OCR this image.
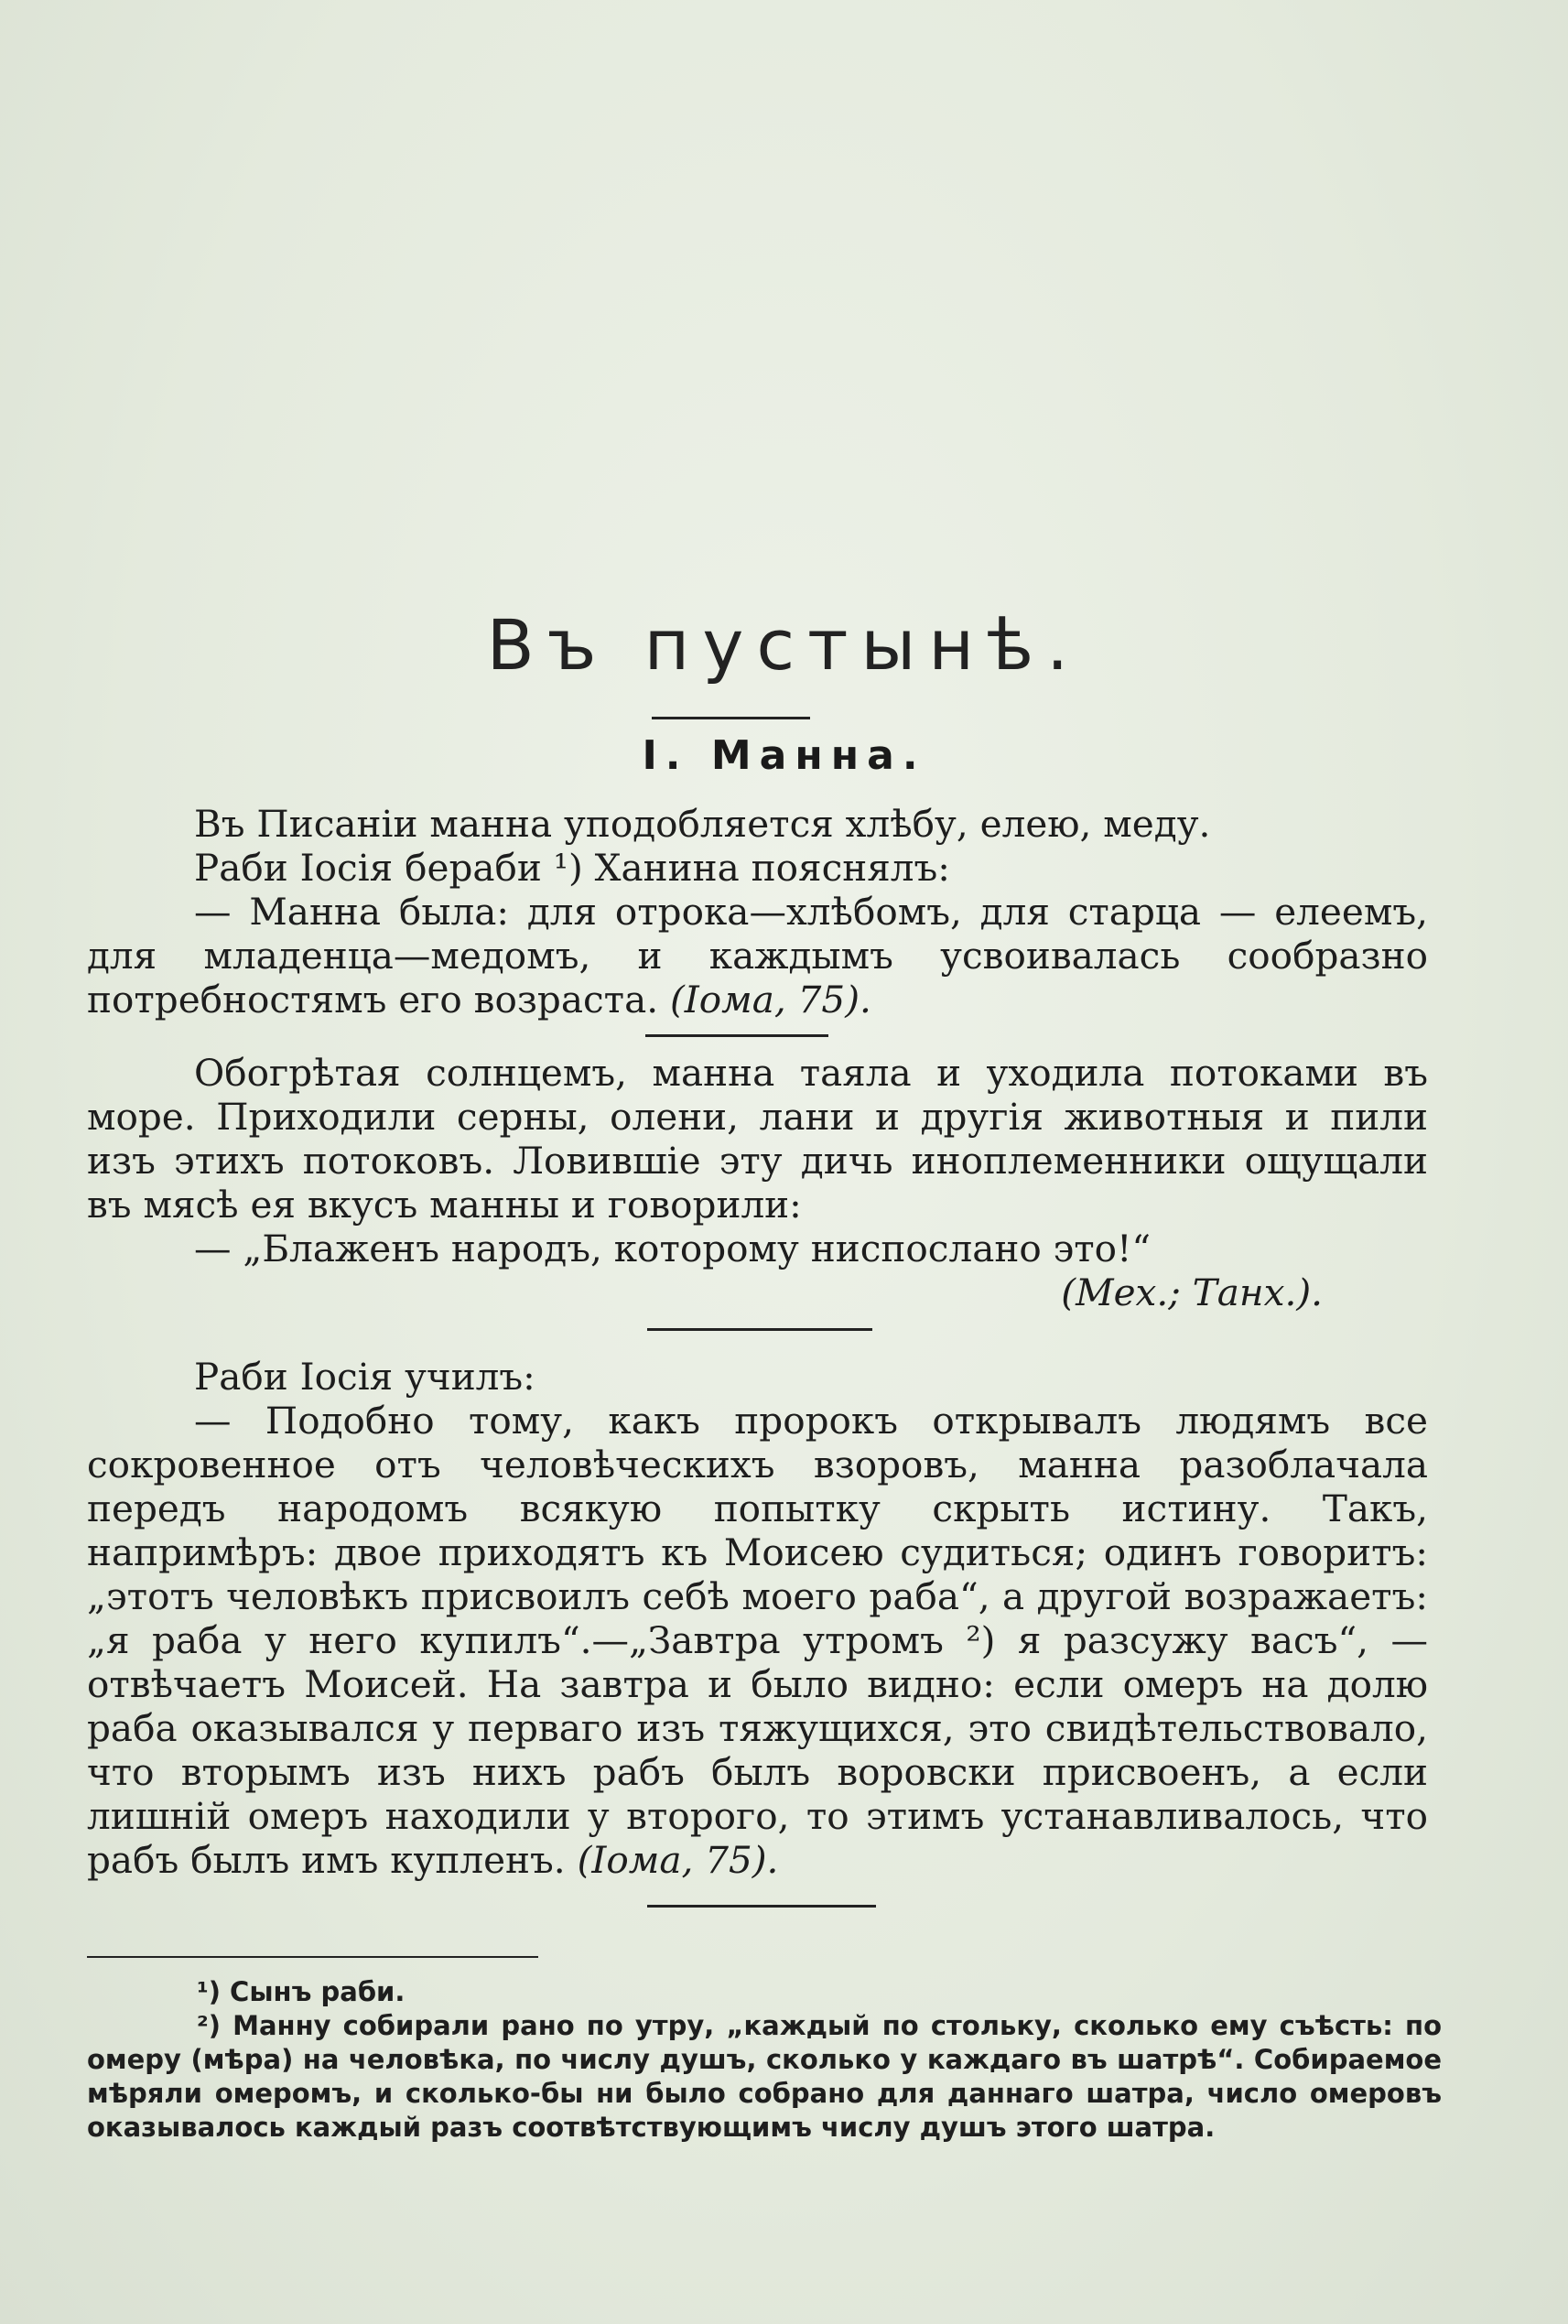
Въ пустынѣ.
I. Манна.

Въ Писанiи манна уподобляется хлѣбу, елею, меду.

Раби Iосiя бераби ¹) Ханина пояснялъ:

— Манна была: для отрока—хлѣбомъ, для старца — елеемъ, для младенца—медомъ, и каждымъ усвоивалась сообразно потребностямъ его возраста. (Iома, 75).

Обогрѣтая солнцемъ, манна таяла и уходила потоками въ море. Приходили серны, олени, лани и другiя животныя и пили изъ этихъ потоковъ. Ловившiе эту дичь иноплеменники ощущали въ мясѣ ея вкусъ манны и говорили:

— „Блаженъ народъ, которому ниспослано это!“

(Мех.; Танх.).

Раби Iосiя училъ:

— Подобно тому, какъ пророкъ открывалъ людямъ все сокровенное отъ человѣческихъ взоровъ, манна разоблачала передъ народомъ всякую попытку скрыть истину. Такъ, напримѣръ: двое приходятъ къ Моисею судиться; одинъ говоритъ: „этотъ человѣкъ присвоилъ себѣ моего раба“, а другой возражаетъ: „я раба у него купилъ“.—„Завтра утромъ ²) я разсужу васъ“, —отвѣчаетъ Моисей. На завтра и было видно: если омеръ на долю раба оказывался у перваго изъ тяжущихся, это свидѣтельствовало, что вторымъ изъ нихъ рабъ былъ воровски присвоенъ, а если лишнiй омеръ находили у второго, то этимъ устанавливалось, что рабъ былъ имъ купленъ. (Iома, 75).

¹) Сынъ раби.

²) Манну собирали рано по утру, „каждый по стольку, сколько ему съѣсть: по омеру (мѣра) на человѣка, по числу душъ, сколько у каждаго въ шатрѣ“. Собираемое мѣряли омеромъ, и сколько-бы ни было собрано для даннаго шатра, число омеровъ оказывалось каждый разъ соотвѣтствующимъ числу душъ этого шатра.
